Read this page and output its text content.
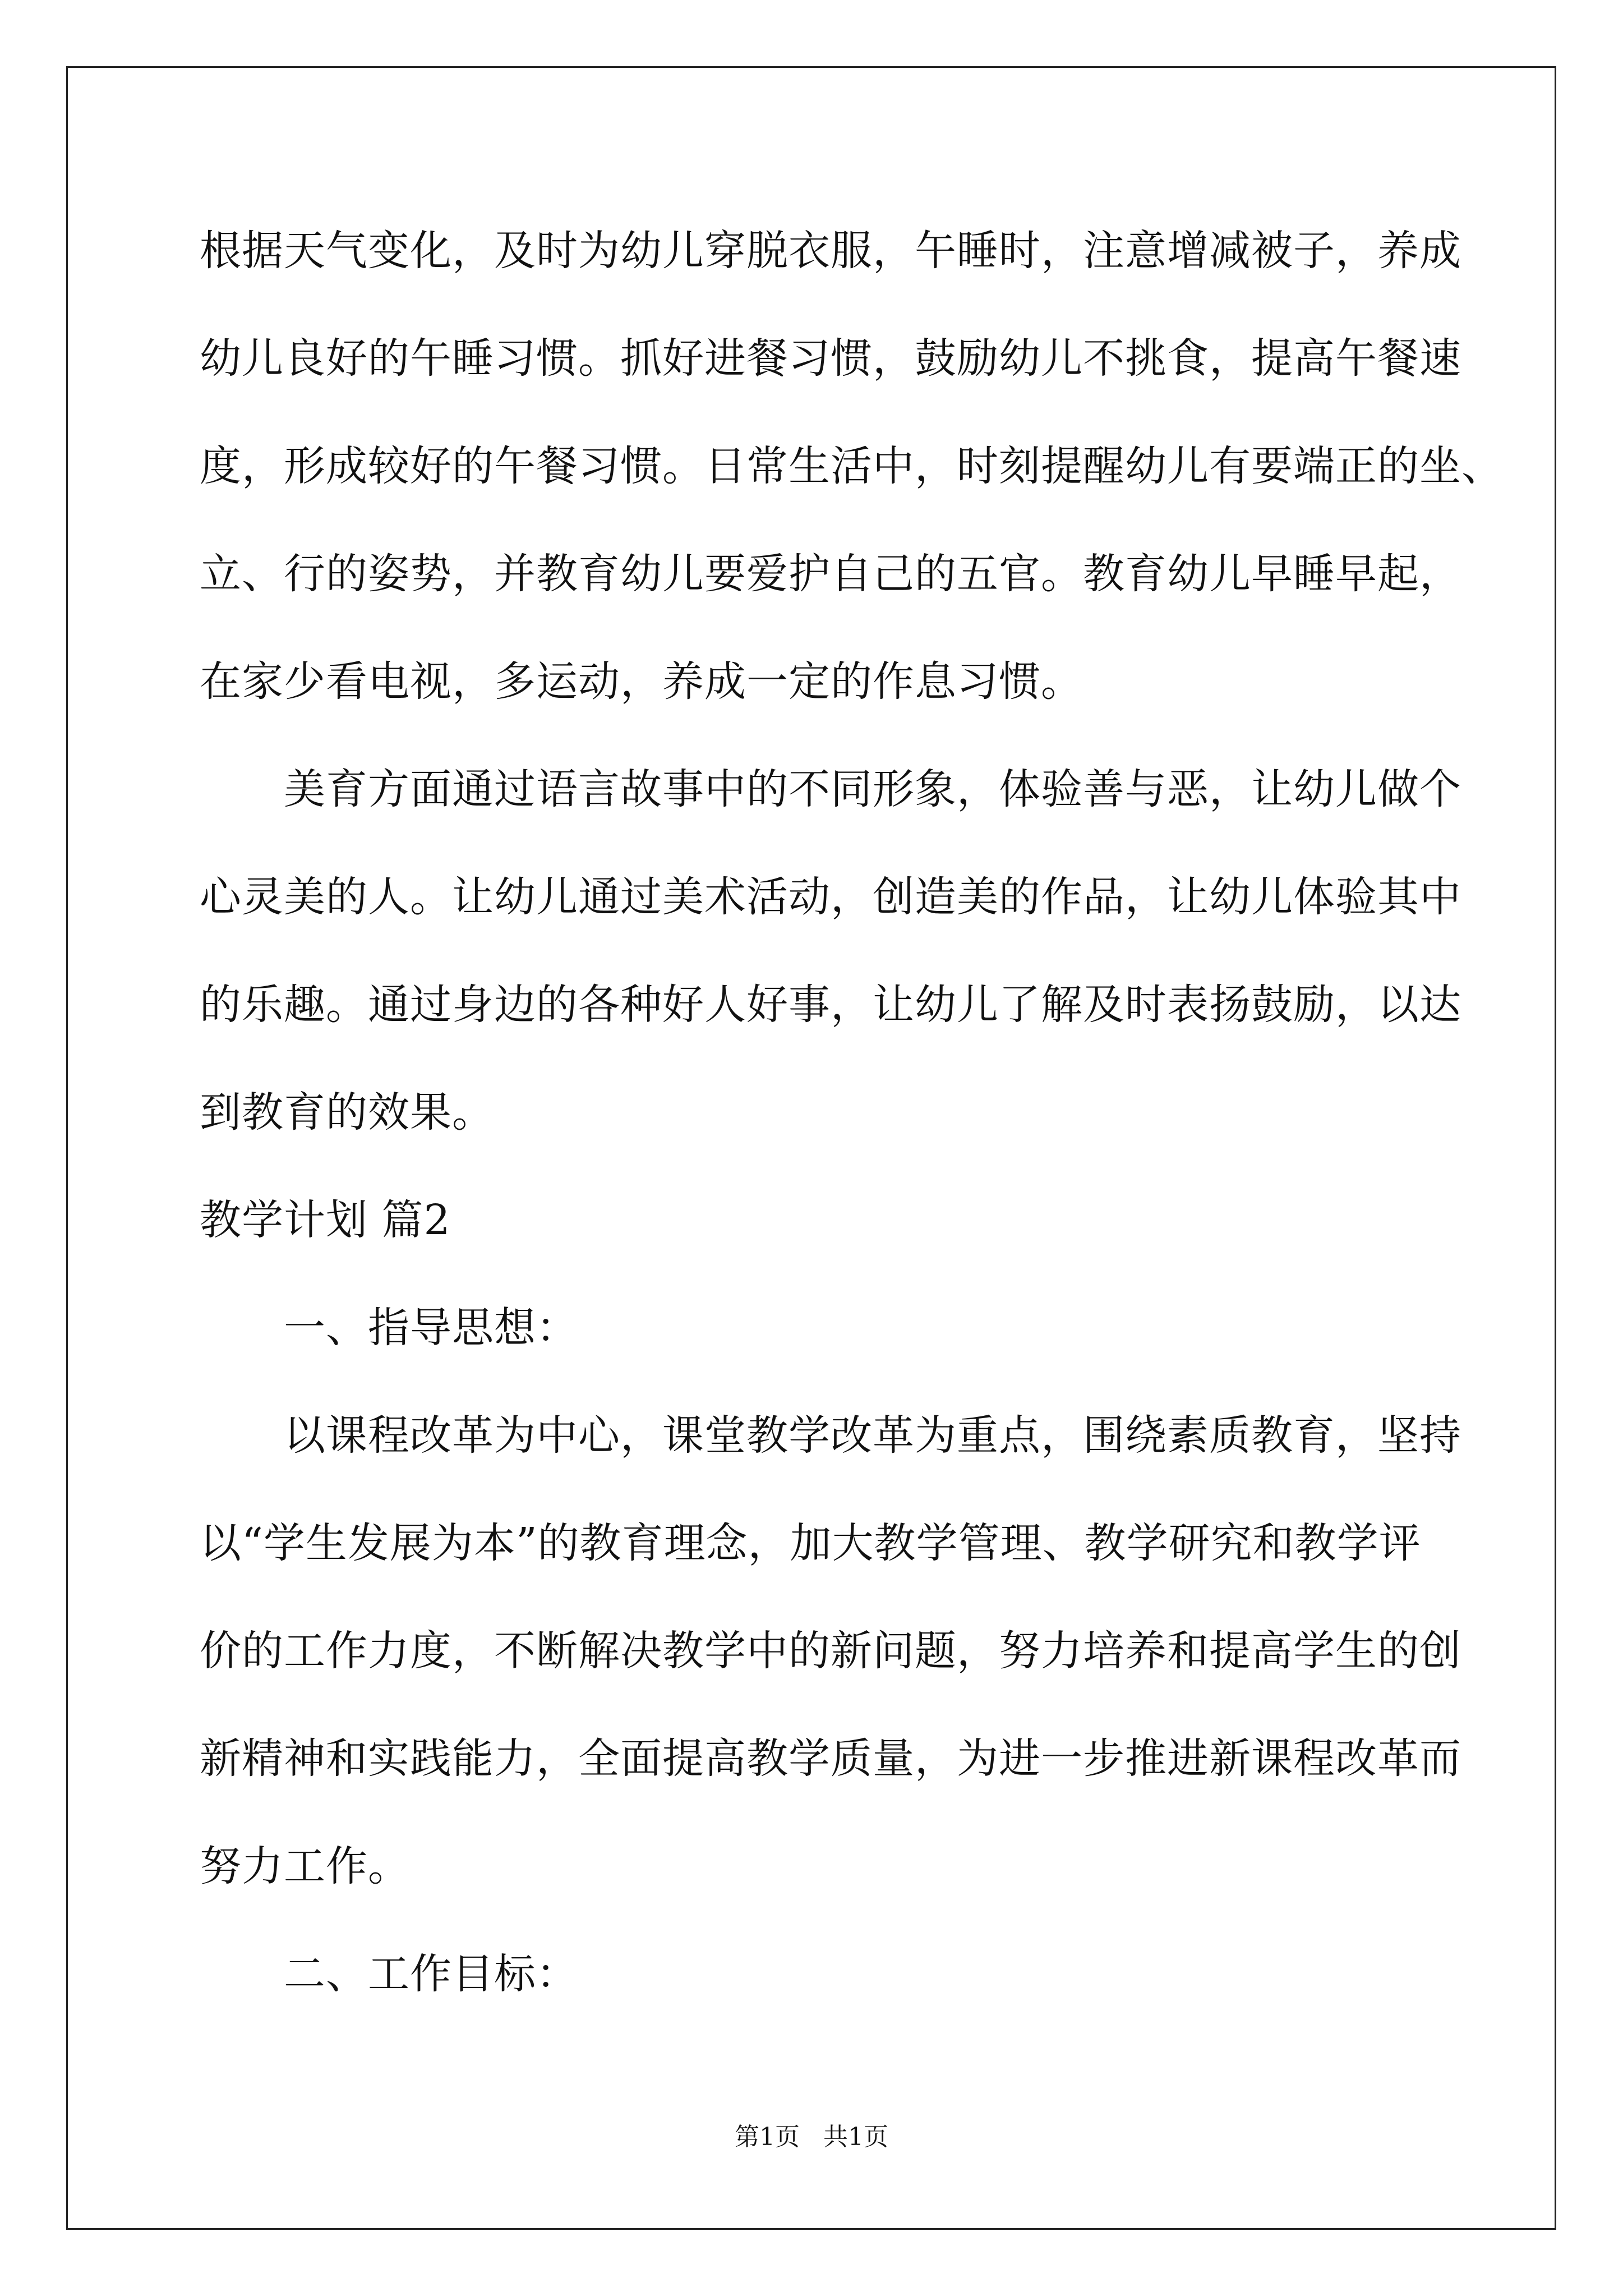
根据天气变化，及时为幼儿穿脱衣服，午睡时，注意增减被子，养成
幼儿良好的午睡习惯。抓好进餐习惯，鼓励幼儿不挑食，提高午餐速
度，形成较好的午餐习惯。日常生活中，时刻提醒幼儿有要端正的坐、
立、行的姿势，并教育幼儿要爱护自己的五官。教育幼儿早睡早起，
在家少看电视，多运动，养成一定的作息习惯。
　　美育方面通过语言故事中的不同形象，体验善与恶，让幼儿做个
心灵美的人。让幼儿通过美术活动，创造美的作品，让幼儿体验其中
的乐趣。通过身边的各种好人好事，让幼儿了解及时表扬鼓励，以达
到教育的效果。
教学计划 篇2
　　一、指导思想：
　　以课程改革为中心，课堂教学改革为重点，围绕素质教育，坚持
以“学生发展为本”的教育理念，加大教学管理、教学研究和教学评
价的工作力度，不断解决教学中的新问题，努力培养和提高学生的创
新精神和实践能力，全面提高教学质量，为进一步推进新课程改革而
努力工作。
　　二、工作目标：
第1页   共1页
